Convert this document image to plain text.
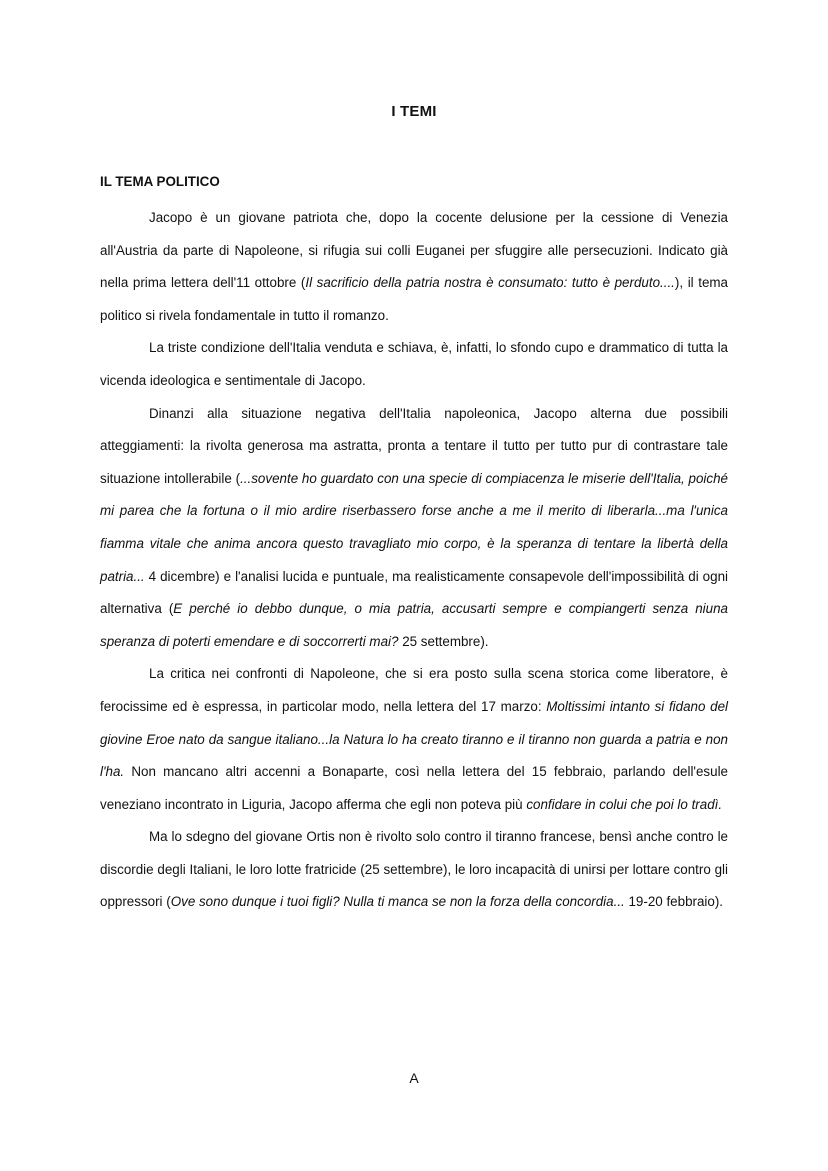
I TEMI
IL TEMA POLITICO

Jacopo è un giovane patriota che, dopo la cocente delusione per la cessione di Venezia all'Austria da parte di Napoleone, si rifugia sui colli Euganei per sfuggire alle persecuzioni. Indicato già nella prima lettera dell'11 ottobre (Il sacrificio della patria nostra è consumato: tutto è perduto....), il tema politico si rivela fondamentale in tutto il romanzo.

La triste condizione dell'Italia venduta e schiava, è, infatti, lo sfondo cupo e drammatico di tutta la vicenda ideologica e sentimentale di Jacopo.

Dinanzi alla situazione negativa dell'Italia napoleonica, Jacopo alterna due possibili atteggiamenti: la rivolta generosa ma astratta, pronta a tentare il tutto per tutto pur di contrastare tale situazione intollerabile (...sovente ho guardato con una specie di compiacenza le miserie dell'Italia, poiché mi parea che la fortuna o il mio ardire riserbassero forse anche a me il merito di liberarla...ma l'unica fiamma vitale che anima ancora questo travagliato mio corpo, è la speranza di tentare la libertà della patria... 4 dicembre) e l'analisi lucida e puntuale, ma realisticamente consapevole dell'impossibilità di ogni alternativa (E perché io debbo dunque, o mia patria, accusarti sempre e compiangerti senza niuna speranza di poterti emendare e di soccorrerti mai? 25 settembre).

La critica nei confronti di Napoleone, che si era posto sulla scena storica come liberatore, è ferocissime ed è espressa, in particolar modo, nella lettera del 17 marzo: Moltissimi intanto si fidano del giovine Eroe nato da sangue italiano...la Natura lo ha creato tiranno e il tiranno non guarda a patria e non l'ha. Non mancano altri accenni a Bonaparte, così nella lettera del 15 febbraio, parlando dell'esule veneziano incontrato in Liguria, Jacopo afferma che egli non poteva più confidare in colui che poi lo tradì.

Ma lo sdegno del giovane Ortis non è rivolto solo contro il tiranno francese, bensì anche contro le discordie degli Italiani, le loro lotte fratricide (25 settembre), le loro incapacità di unirsi per lottare contro gli oppressori (Ove sono dunque i tuoi figli? Nulla ti manca se non la forza della concordia... 19-20 febbraio).

A
